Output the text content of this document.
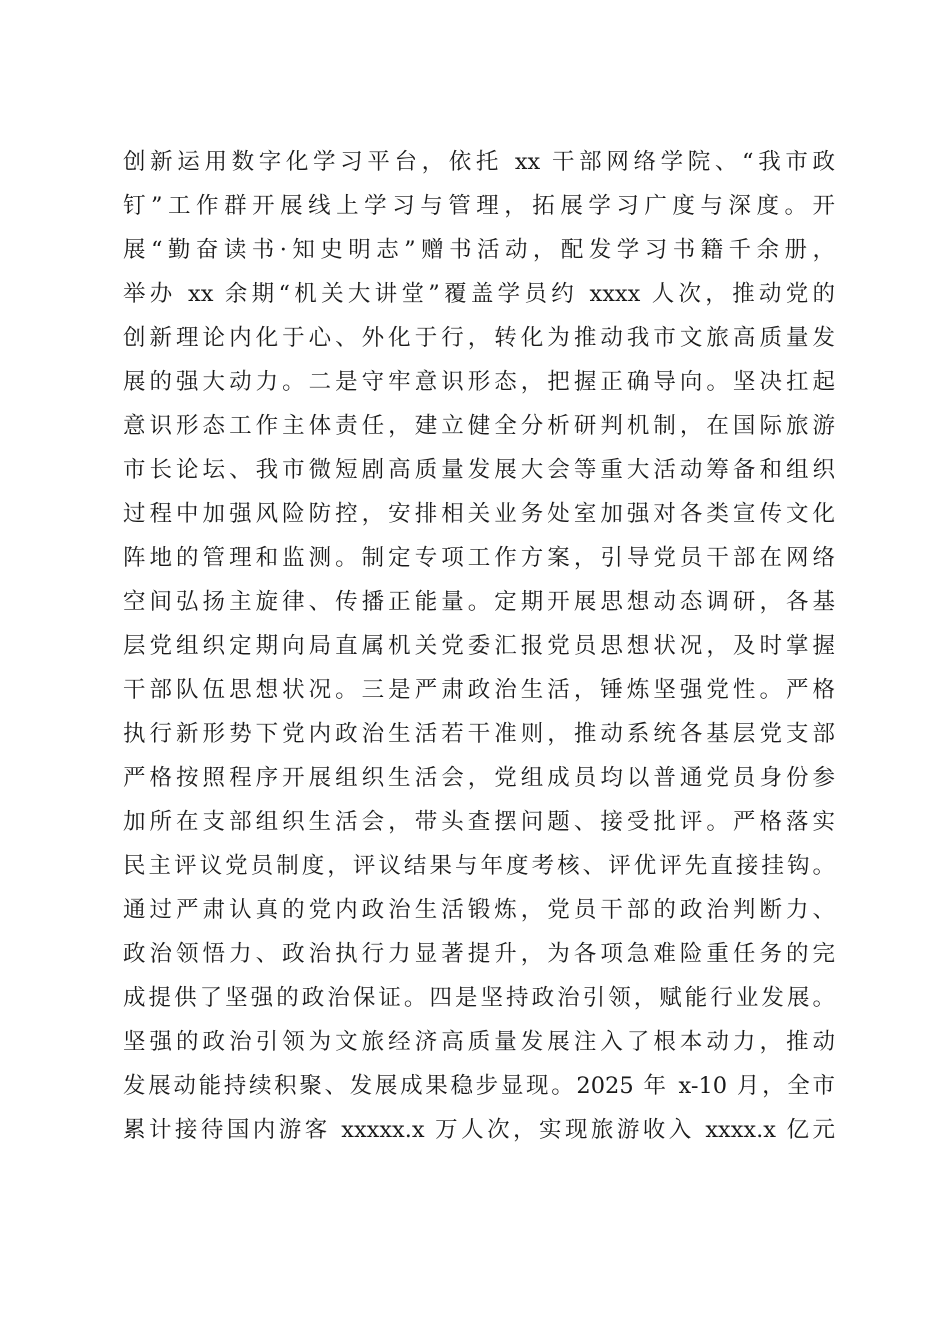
创新运用数字化学习平台，依托 xx 干部网络学院、“我市政
钉”工作群开展线上学习与管理，拓展学习广度与深度。开
展“勤奋读书·知史明志”赠书活动，配发学习书籍千余册，
举办 xx 余期“机关大讲堂”覆盖学员约 xxxx 人次，推动党的
创新理论内化于心、外化于行，转化为推动我市文旅高质量发
展的强大动力。二是守牢意识形态，把握正确导向。坚决扛起
意识形态工作主体责任，建立健全分析研判机制，在国际旅游
市长论坛、我市微短剧高质量发展大会等重大活动筹备和组织
过程中加强风险防控，安排相关业务处室加强对各类宣传文化
阵地的管理和监测。制定专项工作方案，引导党员干部在网络
空间弘扬主旋律、传播正能量。定期开展思想动态调研，各基
层党组织定期向局直属机关党委汇报党员思想状况，及时掌握
干部队伍思想状况。三是严肃政治生活，锤炼坚强党性。严格
执行新形势下党内政治生活若干准则，推动系统各基层党支部
严格按照程序开展组织生活会，党组成员均以普通党员身份参
加所在支部组织生活会，带头查摆问题、接受批评。严格落实
民主评议党员制度，评议结果与年度考核、评优评先直接挂钩。
通过严肃认真的党内政治生活锻炼，党员干部的政治判断力、
政治领悟力、政治执行力显著提升，为各项急难险重任务的完
成提供了坚强的政治保证。四是坚持政治引领，赋能行业发展。
坚强的政治引领为文旅经济高质量发展注入了根本动力，推动
发展动能持续积聚、发展成果稳步显现。2025 年 x-10 月，全市
累计接待国内游客 xxxxx.x 万人次，实现旅游收入 xxxx.x 亿元
